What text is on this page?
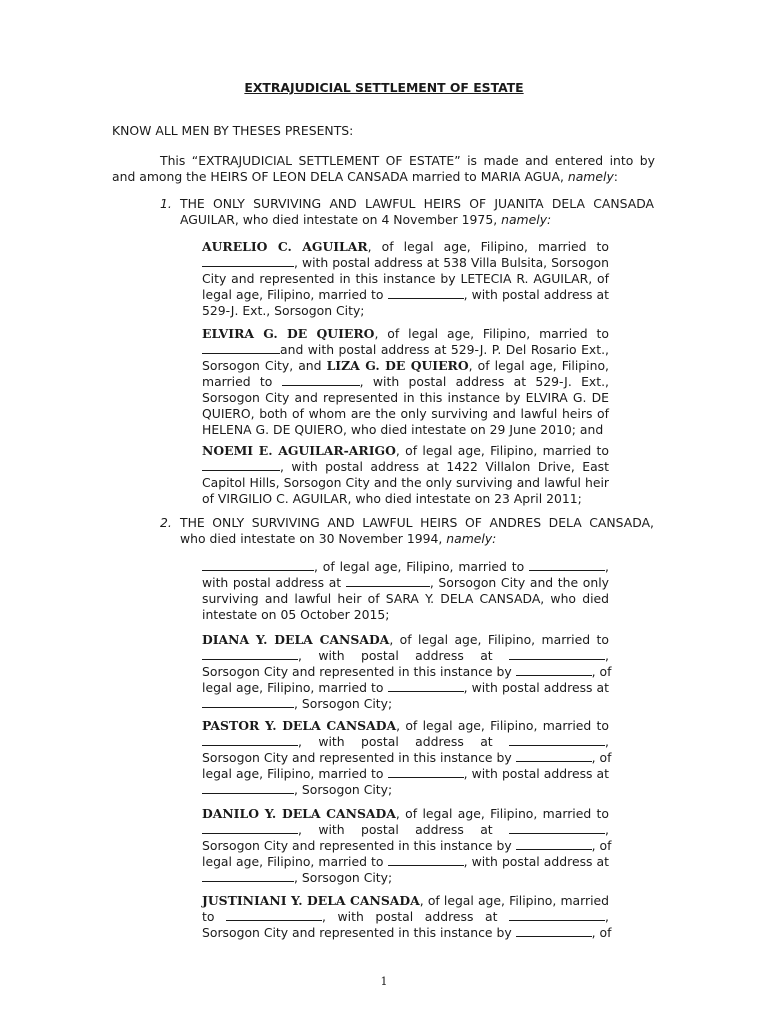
EXTRAJUDICIAL SETTLEMENT OF ESTATE
KNOW ALL MEN BY THESES PRESENTS:
This “EXTRAJUDICIAL SETTLEMENT OF ESTATE” is made and entered into by
and among the HEIRS OF LEON DELA CANSADA married to MARIA AGUA, namely:
1. THE ONLY SURVIVING AND LAWFUL HEIRS OF JUANITA DELA CANSADA
AGUILAR, who died intestate on 4 November 1975, namely:
AURELIO C. AGUILAR, of legal age, Filipino, married to
, with postal address at 538 Villa Bulsita, Sorsogon
City and represented in this instance by LETECIA R. AGUILAR, of
legal age, Filipino, married to	, with postal address at
529-J. Ext., Sorsogon City;
ELVIRA G. DE QUIERO, of legal age, Filipino, married to
and with postal address at 529-J. P. Del Rosario Ext.,
Sorsogon City, and LIZA G. DE QUIERO, of legal age, Filipino,
married to	, with postal address at 529-J. Ext.,
Sorsogon City and represented in this instance by ELVIRA G. DE
QUIERO, both of whom are the only surviving and lawful heirs of
HELENA G. DE QUIERO, who died intestate on 29 June 2010; and
NOEMI E. AGUILAR-ARIGO, of legal age, Filipino, married to
, with postal address at 1422 Villalon Drive, East
Capitol Hills, Sorsogon City and the only surviving and lawful heir
of VIRGILIO C. AGUILAR, who died intestate on 23 April 2011;
2. THE ONLY SURVIVING AND LAWFUL HEIRS OF ANDRES DELA CANSADA,
who died intestate on 30 November 1994, namely:
, of legal age, Filipino, married to	,
with postal address at	, Sorsogon City and the only
surviving and lawful heir of SARA Y. DELA CANSADA, who died
intestate on 05 October 2015;
DIANA Y. DELA CANSADA, of legal age, Filipino, married to
, with postal address at	,
Sorsogon City and represented in this instance by	, of
legal age, Filipino, married to	, with postal address at
, Sorsogon City;
PASTOR Y. DELA CANSADA, of legal age, Filipino, married to
, with postal address at	,
Sorsogon City and represented in this instance by	, of
legal age, Filipino, married to	, with postal address at
, Sorsogon City;
DANILO Y. DELA CANSADA, of legal age, Filipino, married to
, with postal address at	,
Sorsogon City and represented in this instance by	, of
legal age, Filipino, married to	, with postal address at
, Sorsogon City;
JUSTINIANI Y. DELA CANSADA, of legal age, Filipino, married
to	, with postal address at	,
Sorsogon City and represented in this instance by	, of
1
